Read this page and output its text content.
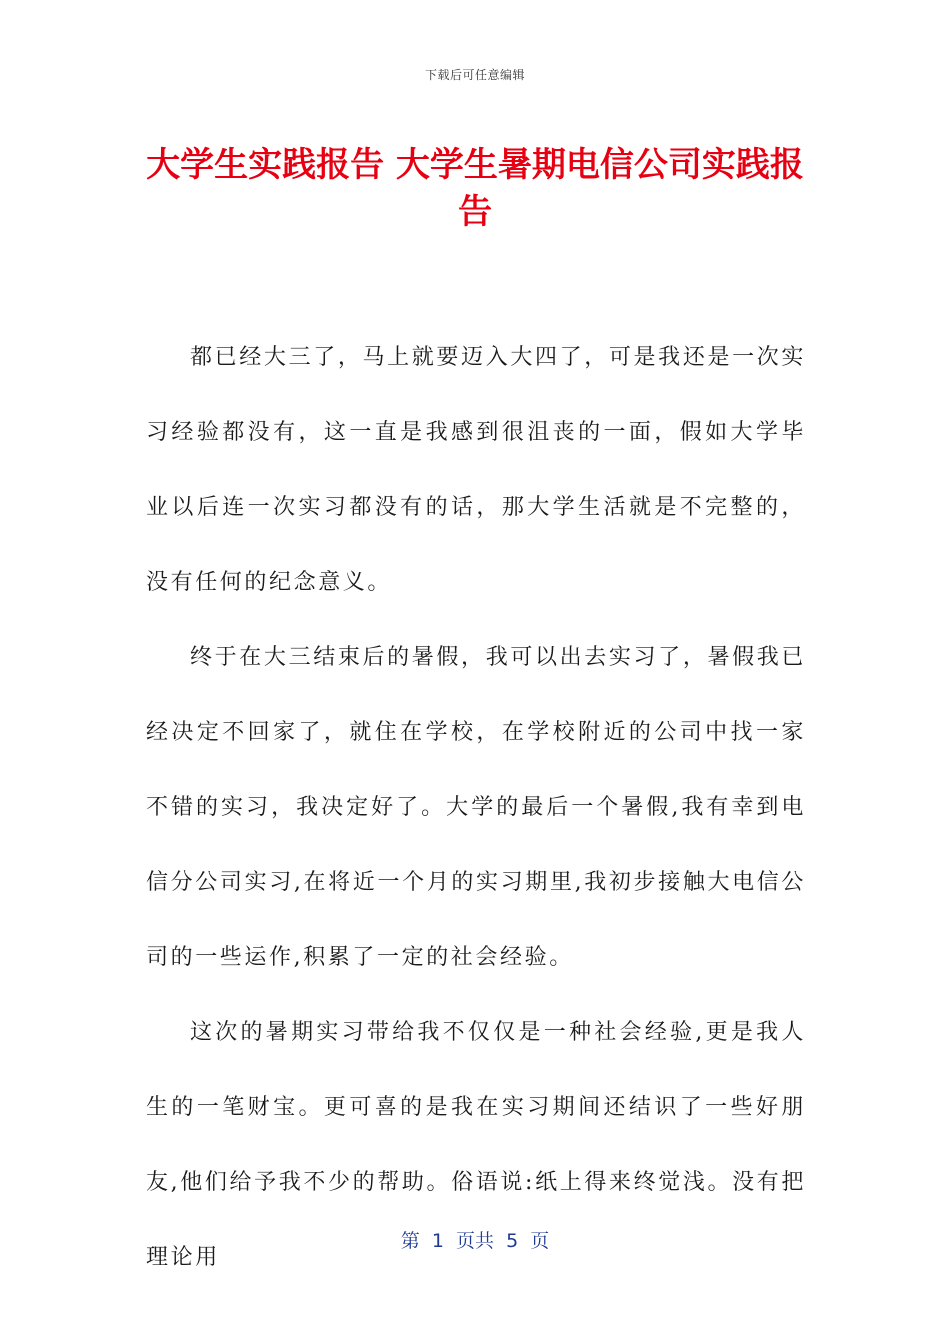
下载后可任意编辑
大学生实践报告 大学生暑期电信公司实践报告

都已经大三了，马上就要迈入大四了，可是我还是一次实习经验都没有，这一直是我感到很沮丧的一面，假如大学毕业以后连一次实习都没有的话，那大学生活就是不完整的，没有任何的纪念意义。

终于在大三结束后的暑假，我可以出去实习了，暑假我已经决定不回家了，就住在学校，在学校附近的公司中找一家不错的实习，我决定好了。大学的最后一个暑假,我有幸到电信分公司实习,在将近一个月的实习期里,我初步接触大电信公司的一些运作,积累了一定的社会经验。

这次的暑期实习带给我不仅仅是一种社会经验,更是我人生的一笔财宝。更可喜的是我在实习期间还结识了一些好朋友,他们给予我不少的帮助。俗语说:纸上得来终觉浅。没有把理论用

第  1  页共  5  页
